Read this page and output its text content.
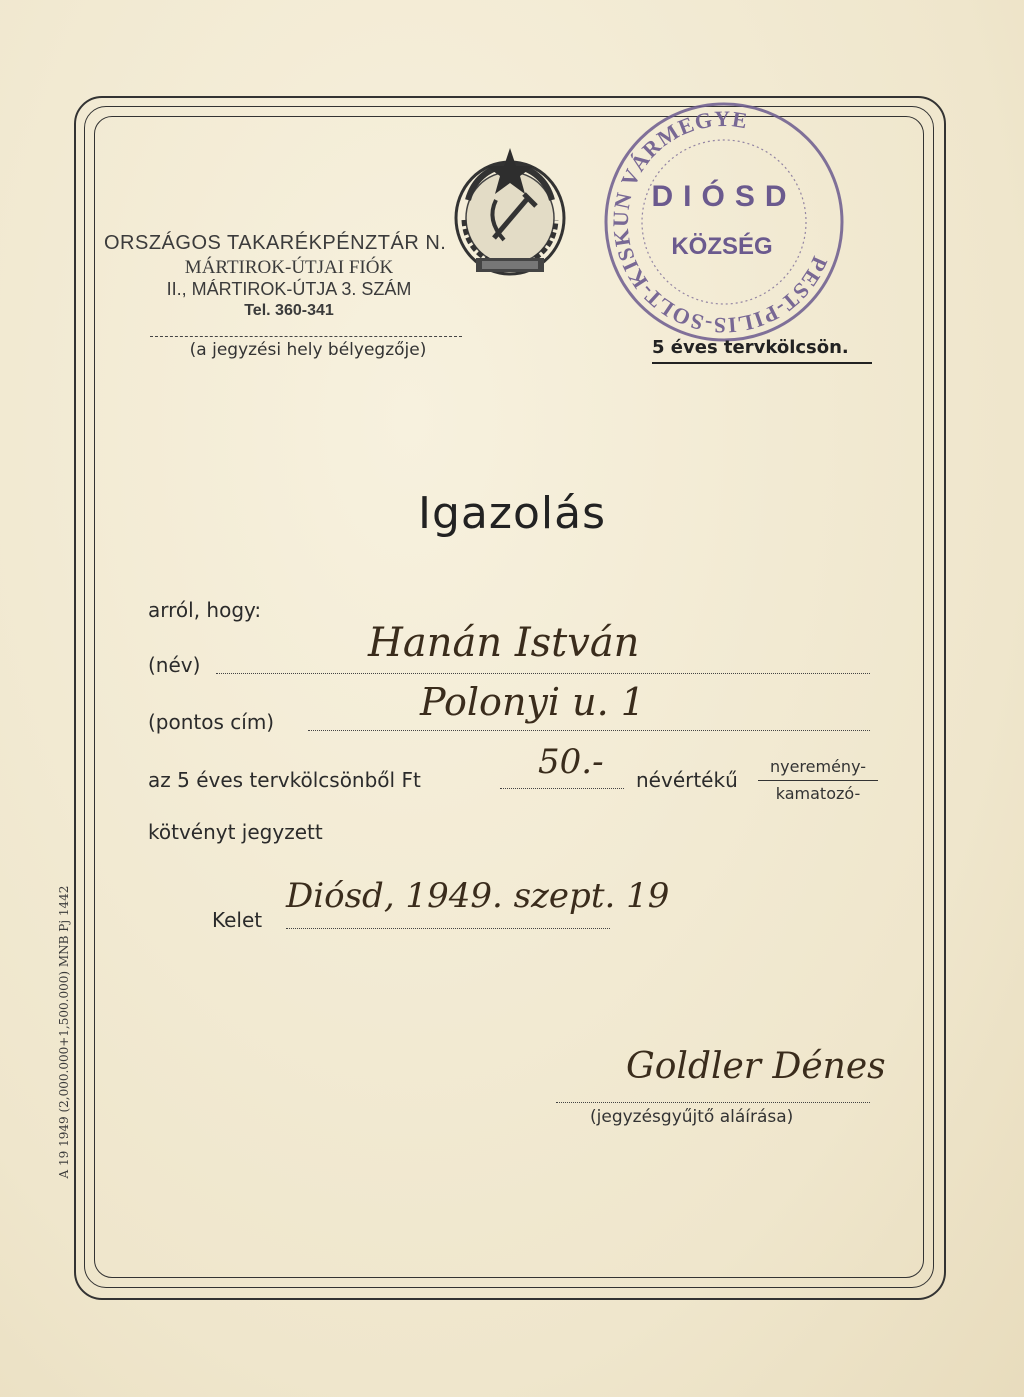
A 19 1949 (2,000.000+1,500.000) MNB Pj 1442
ORSZÁGOS TAKARÉKPÉNZTÁR N.
MÁRTIROK-ÚTJAI FIÓK
II., MÁRTIROK-ÚTJA 3. SZÁM
Tel. 360-341
(a jegyzési hely bélyegzője)
PEST-PILIS-SOLT-KISKUN VÁRMEGYE
DIÓSD
KÖZSÉG
5 éves tervkölcsön.
Igazolás
arról, hogy:
(név)	Hanán István
(pontos cím)	Polonyi u. 1
az 5 éves tervkölcsönből Ft	50.- névértékű
nyeremény-
kamatozó-
kötvényt jegyzett
Kelet
Diósd, 1949. szept. 19
Goldler Dénes
(jegyzésgyűjtő aláírása)
